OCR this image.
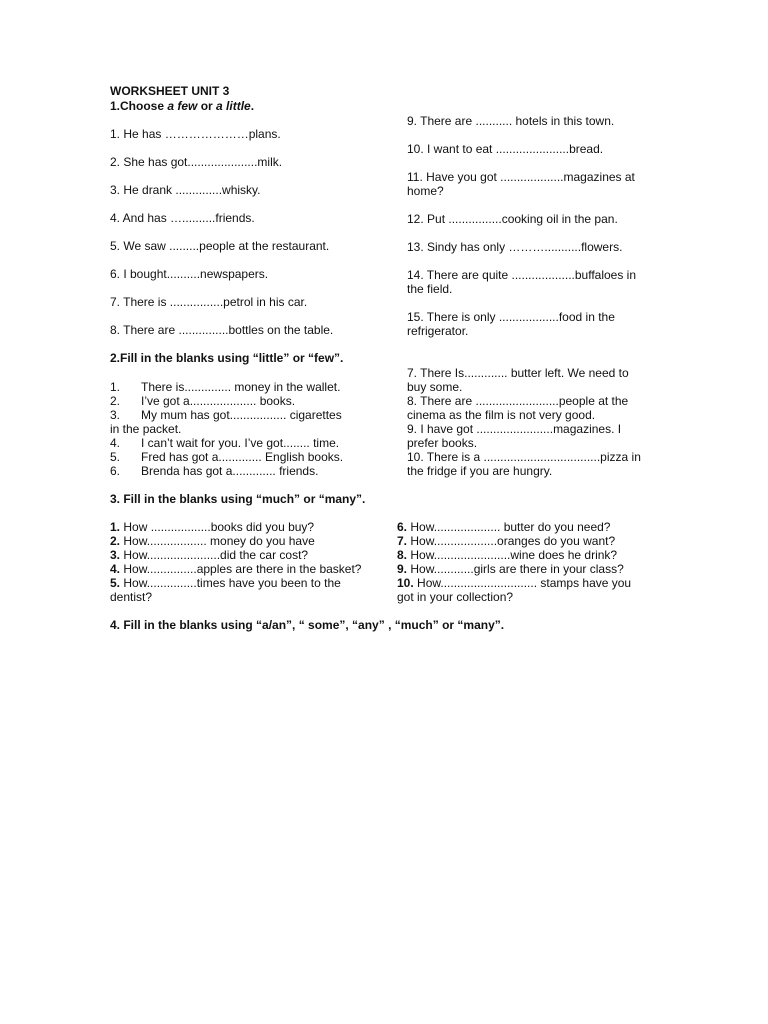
WORKSHEET UNIT 3
1.Choose a few or a little.
1. He has …………………plans.
2. She has got.....................milk.
3. He drank ..............whisky.
4. And has …..........friends.
5. We saw .........people at the restaurant.
6. I bought..........newspapers.
7. There is ................petrol in his car.
8. There are ...............bottles on the table.
9. There are ........... hotels in this town.
10. I want to eat ......................bread.
11. Have you got ...................magazines at
home?
12. Put ................cooking oil in the pan.
13. Sindy has only ………...........flowers.
14. There are quite ...................buffaloes in
the field.
15. There is only ..................food in the
refrigerator.
2.Fill in the blanks using “little” or “few”.
1. There is.............. money in the wallet.
2. I’ve got a.................... books.
3. My mum has got................. cigarettes
in the packet.
4. I can’t wait for you. I’ve got........ time.
5. Fred has got a............. English books.
6. Brenda has got a............. friends.
7. There Is............. butter left. We need to
buy some.
8. There are .........................people at the
cinema as the film is not very good.
9. I have got .......................magazines. I
prefer books.
10. There is a ...................................pizza in
the fridge if you are hungry.
3. Fill in the blanks using “much” or “many”.
1. How ..................books did you buy?
2. How.................. money do you have
3. How......................did the car cost?
4. How...............apples are there in the basket?
5. How...............times have you been to the
dentist?
6. How.................... butter do you need?
7. How...................oranges do you want?
8. How.......................wine does he drink?
9. How............girls are there in your class?
10. How............................. stamps have you
got in your collection?
4. Fill in the blanks using “a/an”, “ some”, “any” , “much” or “many”.
